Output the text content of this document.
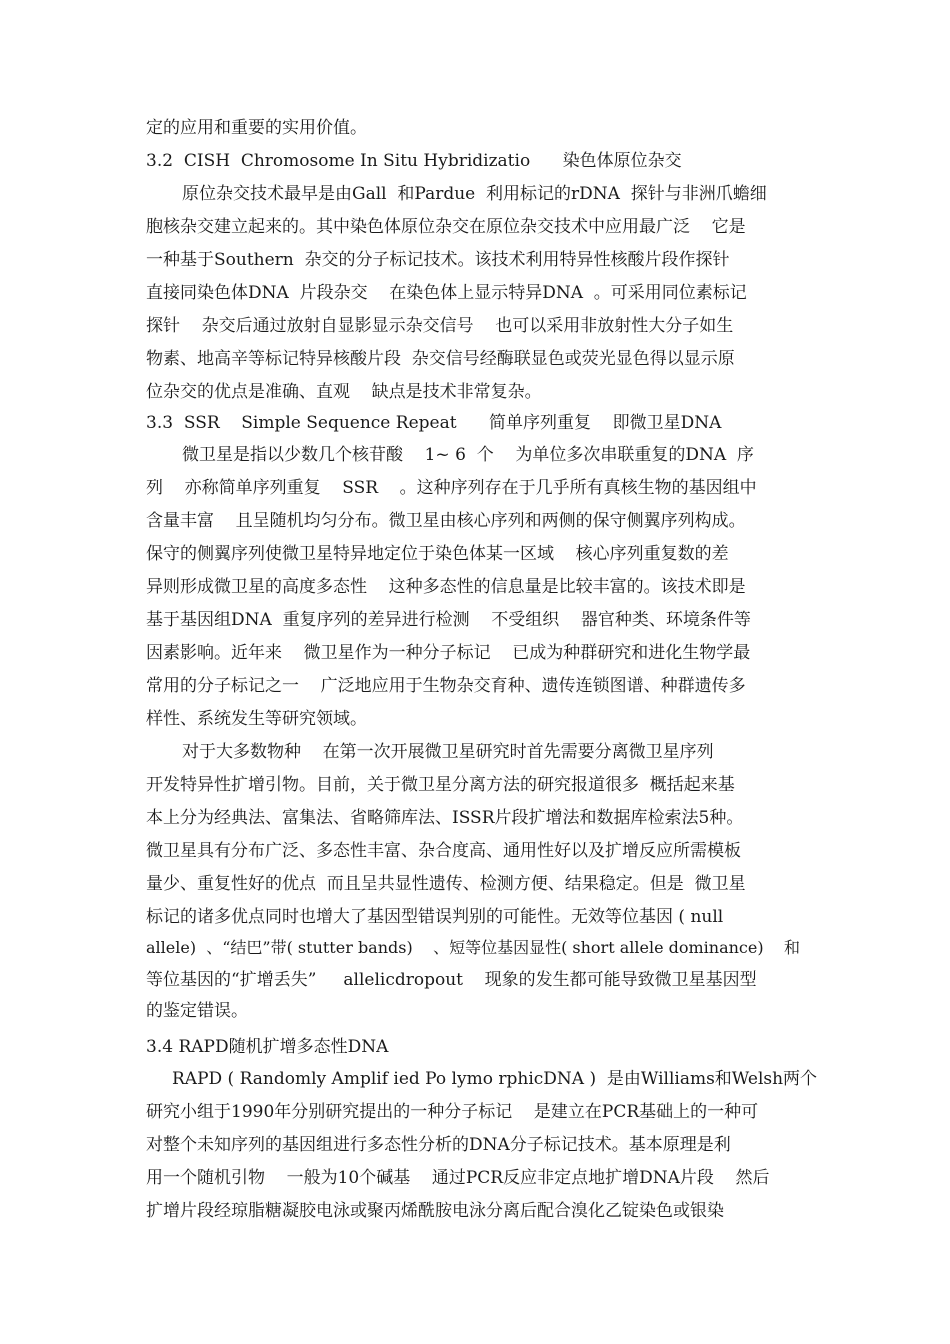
定的应用和重要的实用价值。
3.2  CISH  Chromosome In Situ Hybridizatio      染色体原位杂交
原位杂交技术最早是由Gall  和Pardue  利用标记的rDNA  探针与非洲爪蟾细
胞核杂交建立起来的。其中染色体原位杂交在原位杂交技术中应用最广泛    它是
一种基于Southern  杂交的分子标记技术。该技术利用特异性核酸片段作探针
直接同染色体DNA  片段杂交    在染色体上显示特异DNA  。可采用同位素标记
探针    杂交后通过放射自显影显示杂交信号    也可以采用非放射性大分子如生
物素、地高辛等标记特异核酸片段  杂交信号经酶联显色或荧光显色得以显示原
位杂交的优点是准确、直观    缺点是技术非常复杂。
3.3  SSR    Simple Sequence Repeat      简单序列重复    即微卫星DNA
微卫星是指以少数几个核苷酸    1~ 6  个    为单位多次串联重复的DNA  序
列    亦称简单序列重复    SSR    。这种序列存在于几乎所有真核生物的基因组中
含量丰富    且呈随机均匀分布。微卫星由核心序列和两侧的保守侧翼序列构成。
保守的侧翼序列使微卫星特异地定位于染色体某一区域    核心序列重复数的差
异则形成微卫星的高度多态性    这种多态性的信息量是比较丰富的。该技术即是
基于基因组DNA  重复序列的差异进行检测    不受组织    器官种类、环境条件等
因素影响。近年来    微卫星作为一种分子标记    已成为种群研究和进化生物学最
常用的分子标记之一    广泛地应用于生物杂交育种、遗传连锁图谱、种群遗传多
样性、系统发生等研究领域。
对于大多数物种    在第一次开展微卫星研究时首先需要分离微卫星序列
开发特异性扩增引物。目前，关于微卫星分离方法的研究报道很多  概括起来基
本上分为经典法、富集法、省略筛库法、ISSR片段扩增法和数据库检索法5种。
微卫星具有分布广泛、多态性丰富、杂合度高、通用性好以及扩增反应所需模板
量少、重复性好的优点  而且呈共显性遗传、检测方便、结果稳定。但是  微卫星
标记的诸多优点同时也增大了基因型错误判别的可能性。无效等位基因 ( null
allele)  、“结巴”带( stutter bands)    、短等位基因显性( short allele dominance)    和
等位基因的“扩增丢失”     allelicdropout    现象的发生都可能导致微卫星基因型
的鉴定错误。
3.4 RAPD随机扩增多态性DNA
RAPD ( Randomly Amplif ied Po lymo rphicDNA )  是由Williams和Welsh两个
研究小组于1990年分别研究提出的一种分子标记    是建立在PCR基础上的一种可
对整个未知序列的基因组进行多态性分析的DNA分子标记技术。基本原理是利
用一个随机引物    一般为10个碱基    通过PCR反应非定点地扩增DNA片段    然后
扩增片段经琼脂糖凝胶电泳或聚丙烯酰胺电泳分离后配合溴化乙锭染色或银染
